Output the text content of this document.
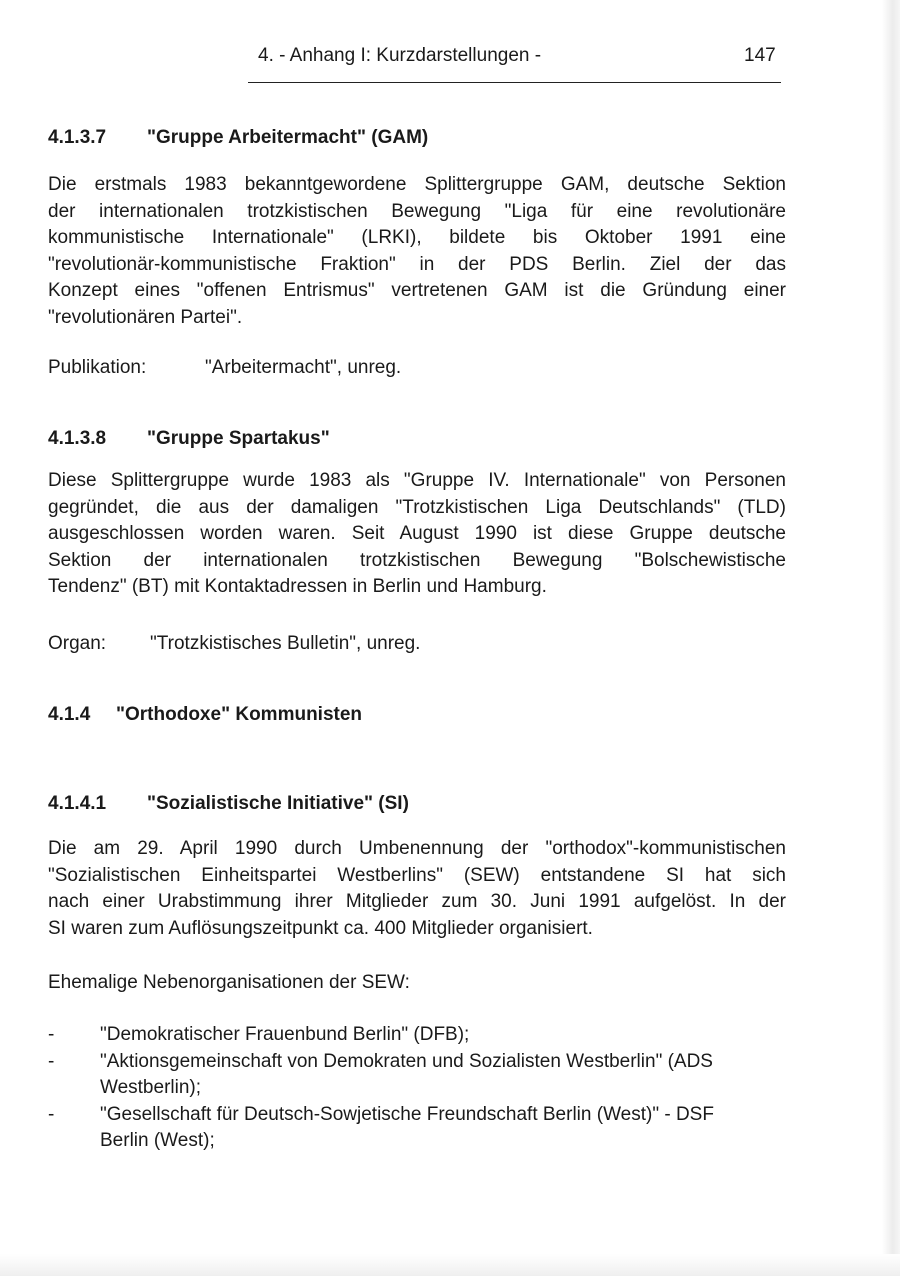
4. - Anhang I: Kurzdarstellungen -	147
4.1.3.7 "Gruppe Arbeitermacht" (GAM)
Die erstmals 1983 bekanntgewordene Splittergruppe GAM, deutsche Sektion
der internationalen trotzkistischen Bewegung "Liga für eine revolutionäre
kommunistische Internationale" (LRKI), bildete bis Oktober 1991 eine
"revolutionär-kommunistische Fraktion" in der PDS Berlin. Ziel der das
Konzept eines "offenen Entrismus" vertretenen GAM ist die Gründung einer
"revolutionären Partei".
Publikation:	"Arbeitermacht", unreg.
4.1.3.8 "Gruppe Spartakus"
Diese Splittergruppe wurde 1983 als "Gruppe IV. Internationale" von Personen
gegründet, die aus der damaligen "Trotzkistischen Liga Deutschlands" (TLD)
ausgeschlossen worden waren. Seit August 1990 ist diese Gruppe deutsche
Sektion der internationalen trotzkistischen Bewegung "Bolschewistische
Tendenz" (BT) mit Kontaktadressen in Berlin und Hamburg.
Organ: "Trotzkistisches Bulletin", unreg.
4.1.4 "Orthodoxe" Kommunisten
4.1.4.1 "Sozialistische Initiative" (SI)
Die am 29. April 1990 durch Umbenennung der "orthodox"-kommunistischen
"Sozialistischen Einheitspartei Westberlins" (SEW) entstandene SI hat sich
nach einer Urabstimmung ihrer Mitglieder zum 30. Juni 1991 aufgelöst. In der
SI waren zum Auflösungszeitpunkt ca. 400 Mitglieder organisiert.
Ehemalige Nebenorganisationen der SEW:
- "Demokratischer Frauenbund Berlin" (DFB);
- "Aktionsgemeinschaft von Demokraten und Sozialisten Westberlin" (ADS
Westberlin);
- "Gesellschaft für Deutsch-Sowjetische Freundschaft Berlin (West)" - DSF
Berlin (West);
